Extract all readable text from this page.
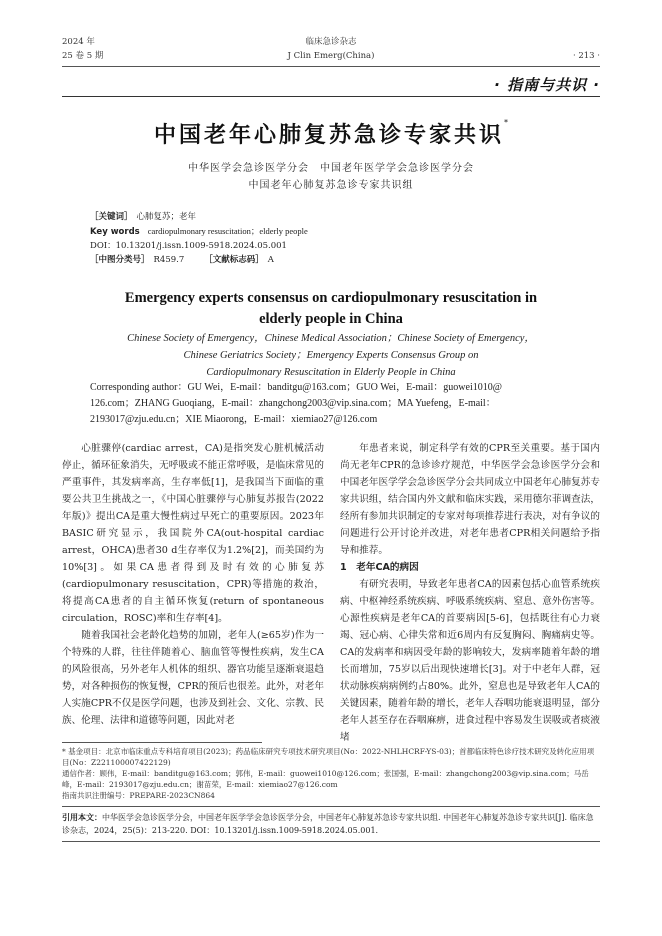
2024 年
25 卷 5 期
临床急诊杂志
J Clin Emerg(China)	· 213 ·
· 指南与共识 ·
中国老年心肺复苏急诊专家共识*
中华医学会急诊医学分会　中国老年医学学会急诊医学分会
中国老年心肺复苏急诊专家共识组
［关键词］ 心肺复苏；老年
Key words cardiopulmonary resuscitation；elderly people
DOI：10.13201/j.issn.1009-5918.2024.05.001
［中图分类号］ R459.7 ［文献标志码］ A
Emergency experts consensus on cardiopulmonary resuscitation in
elderly people in China
Chinese Society of Emergency，Chinese Medical Association；Chinese Society of Emergency，
Chinese Geriatrics Society；Emergency Experts Consensus Group on
Cardiopulmonary Resuscitation in Elderly People in China
Corresponding author：GU Wei，E-mail：banditgu@163.com；GUO Wei，E-mail：guowei1010@
126.com；ZHANG Guoqiang，E-mail：zhangchong2003@vip.sina.com；MA Yuefeng，E-mail：
2193017@zju.edu.cn；XIE Miaorong，E-mail：xiemiao27@126.com

心脏骤停(cardiac arrest，CA)是指突发心脏机械活动停止，循环征象消失，无呼吸或不能正常呼吸，是临床常见的严重事件，其发病率高，生存率低[1]，是我国当下面临的重要公共卫生挑战之一，《中国心脏骤停与心肺复苏报告(2022年版)》提出CA是重大慢性病过早死亡的重要原因。2023年BASIC研究显示，我国院外CA(out-hospital cardiac arrest，OHCA)患者30 d生存率仅为1.2%[2]，而美国约为10%[3]。如果CA患者得到及时有效的心肺复苏(cardiopulmonary resuscitation，CPR)等措施的救治，将提高CA患者的自主循环恢复(return of spontaneous circulation，ROSC)率和生存率[4]。

随着我国社会老龄化趋势的加剧，老年人(≥65岁)作为一个特殊的人群，往往伴随着心、脑血管等慢性疾病，发生CA的风险很高，另外老年人机体的组织、器官功能呈逐渐衰退趋势，对各种损伤的恢复慢，CPR的预后也很差。此外，对老年人实施CPR不仅是医学问题，也涉及到社会、文化、宗教、民族、伦理、法律和道德等问题，因此对老

年患者来说，制定科学有效的CPR至关重要。基于国内尚无老年CPR的急诊诊疗规范，中华医学会急诊医学分会和中国老年医学学会急诊医学分会共同成立中国老年心肺复苏专家共识组，结合国内外文献和临床实践，采用德尔菲调查法，经所有参加共识制定的专家对每项推荐进行表决，对有争议的问题进行公开讨论并改进，对老年患者CPR相关问题给予指导和推荐。

1　老年CA的病因

有研究表明，导致老年患者CA的因素包括心血管系统疾病、中枢神经系统疾病、呼吸系统疾病、窒息、意外伤害等。心源性疾病是老年CA的首要病因[5-6]，包括既往有心力衰竭、冠心病、心律失常和近6周内有反复胸闷、胸痛病史等。CA的发病率和病因受年龄的影响较大，发病率随着年龄的增长而增加，75岁以后出现快速增长[3]。对于中老年人群，冠状动脉疾病病例约占80%。此外，窒息也是导致老年人CA的关键因素，随着年龄的增长，老年人吞咽功能衰退明显，部分老年人甚至存在吞咽麻痹，进食过程中容易发生误吸或者痰液堵

* 基金项目：北京市临床重点专科培育项目(2023)；药品临床研究专项技术研究项目(No：2022-NHLHCRF-YS-03)；首都临床特色诊疗技术研究及转化应用项目(No：Z221100007422129)
通信作者：顾伟，E-mail：banditgu@163.com；郭伟，E-mail：guowei1010@126.com；张国强，E-mail：zhangchong2003@vip.sina.com；马岳峰，E-mail：2193017@zju.edu.cn；谢苗荣，E-mail：xiemiao27@126.com
指南共识注册编号：PREPARE-2023CN864
引用本文：中华医学会急诊医学分会，中国老年医学学会急诊医学分会，中国老年心肺复苏急诊专家共识组. 中国老年心肺复苏急诊专家共识[J]. 临床急诊杂志，2024，25(5)：213-220. DOI：10.13201/j.issn.1009-5918.2024.05.001.
